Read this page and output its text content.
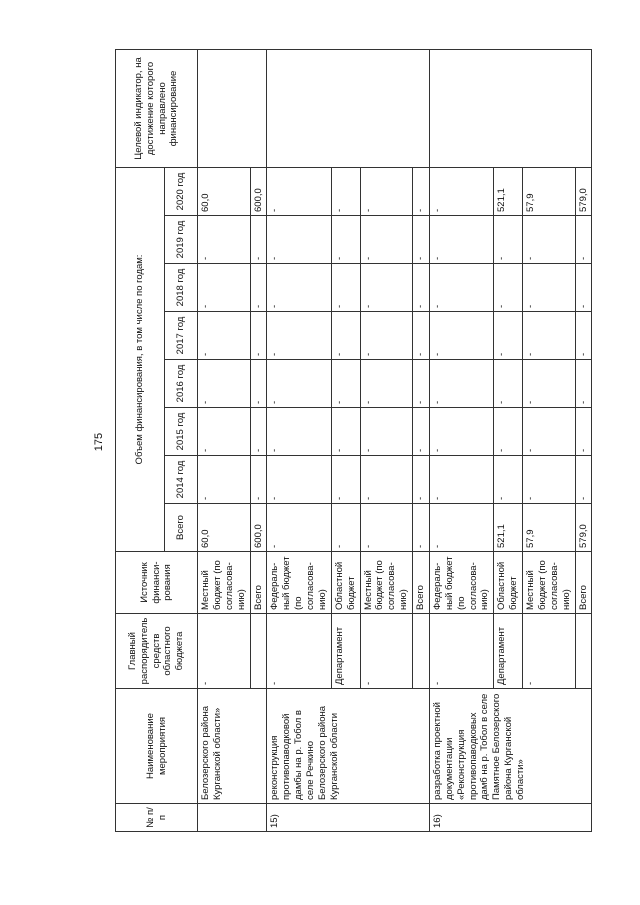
175
№ п/п	Наименование мероприятия	Главный распорядитель средств областного бюджета	Источник финанси-рования	Объем финансирования, в том числе по годам:								Целевой индикатор, на достижение которого направлено финансирование
				Всего	2014 год	2015 год	2016 год	2017 год	2018 год	2019 год	2020 год	
	Белозерского района Курганской области»	-	Местный бюджет (по согласова-нию)	60,0	-	-	-	-	-	-	60,0	
			Всего	600,0	-	-	-	-	-	-	600,0	
15)	реконструкция противопаводковой дамбы на р. Тобол в селе Речкино Белозерского района Курганской области	-	Федераль-ный бюджет (по согласова-нию)	-	-	-	-	-	-	-	-	
		Департамент	Областной бюджет	-	-	-	-	-	-	-	-	
		-	Местный бюджет (по согласова-нию)	-	-	-	-	-	-	-	-	
			Всего	-	-	-	-	-	-	-	-	
16)	разработка проектной документации «Реконструкция противопаводковых дамб на р. Тобол в селе Памятное Белозерского района Курганской области»	-	Федераль-ный бюджет (по согласова-нию)	-	-	-	-	-	-	-	-	
		Департамент	Областной бюджет	521,1	-	-	-	-	-	-	521,1	
		-	Местный бюджет (по согласова-нию)	57,9	-	-	-	-	-	-	57,9	
			Всего	579,0	-	-	-	-	-	-	579,0	
